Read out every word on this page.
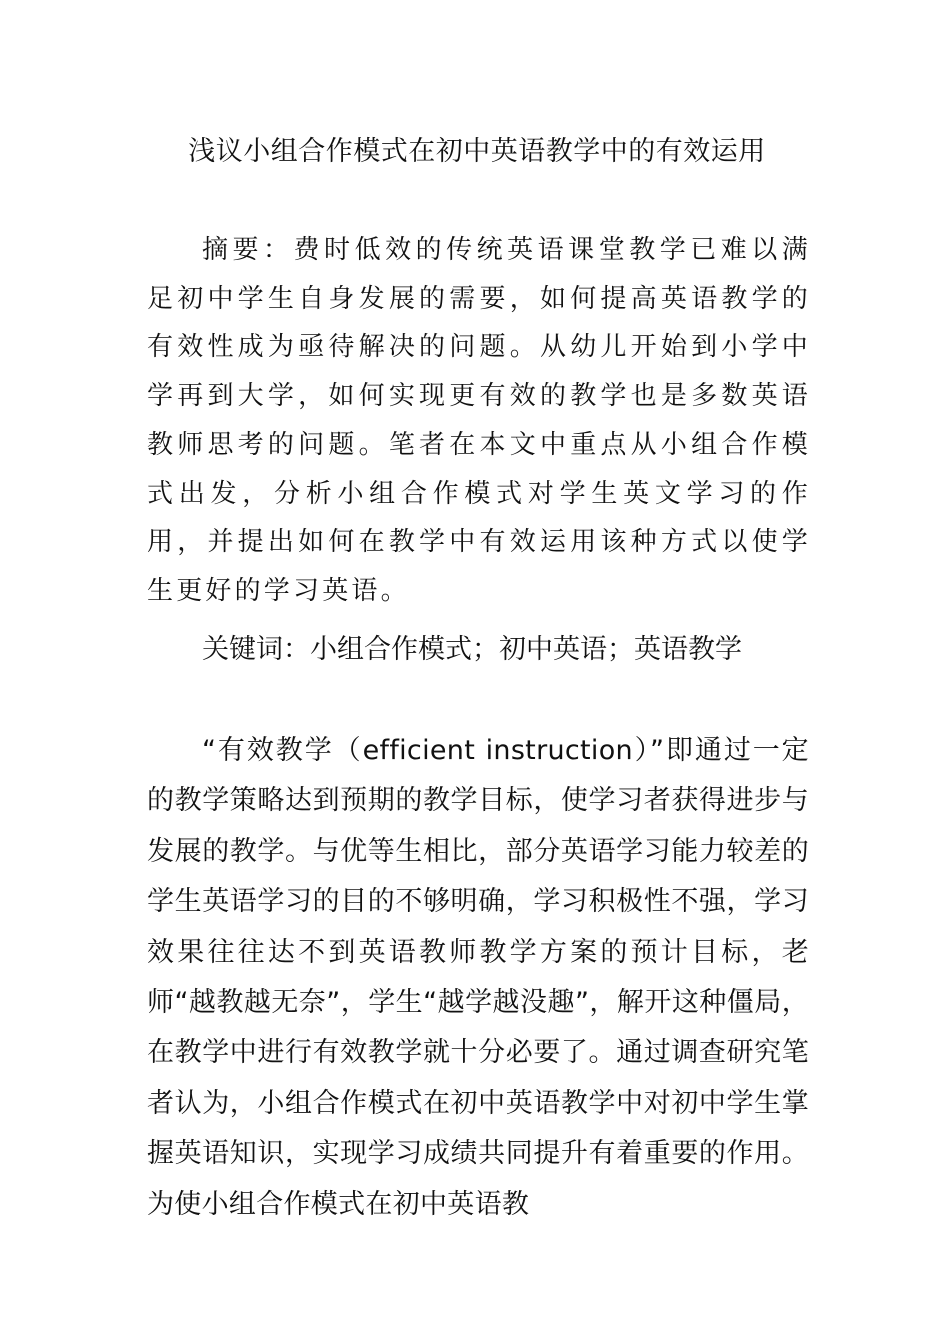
浅议小组合作模式在初中英语教学中的有效运用

摘要：费时低效的传统英语课堂教学已难以满足初中学生自身发展的需要，如何提高英语教学的有效性成为亟待解决的问题。从幼儿开始到小学中学再到大学，如何实现更有效的教学也是多数英语教师思考的问题。笔者在本文中重点从小组合作模式出发，分析小组合作模式对学生英文学习的作用，并提出如何在教学中有效运用该种方式以使学生更好的学习英语。

关键词：小组合作模式；初中英语；英语教学

“有效教学（efficient instruction）”即通过一定的教学策略达到预期的教学目标，使学习者获得进步与发展的教学。与优等生相比，部分英语学习能力较差的学生英语学习的目的不够明确，学习积极性不强，学习效果往往达不到英语教师教学方案的预计目标，老师“越教越无奈”，学生“越学越没趣”，解开这种僵局，在教学中进行有效教学就十分必要了。通过调查研究笔者认为，小组合作模式在初中英语教学中对初中学生掌握英语知识，实现学习成绩共同提升有着重要的作用。为使小组合作模式在初中英语教
